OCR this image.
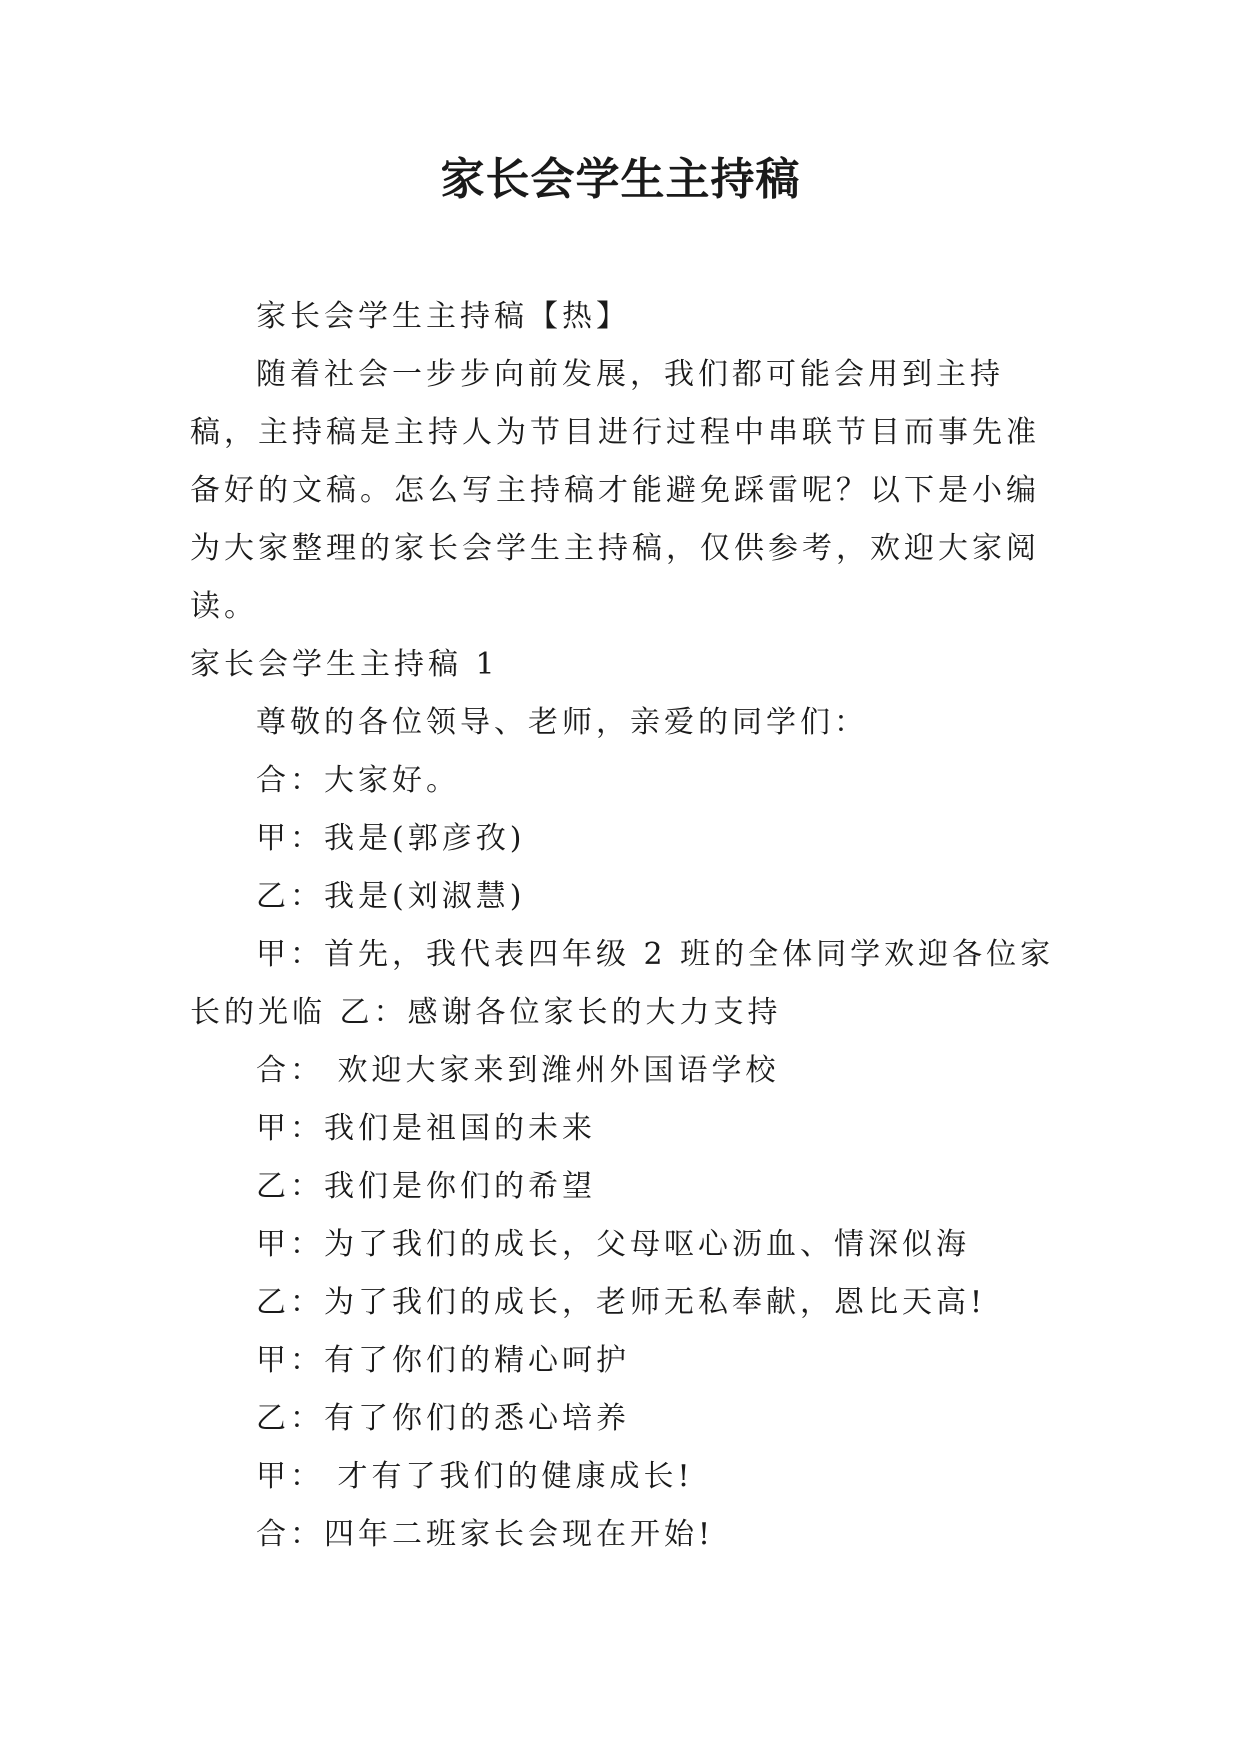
家长会学生主持稿

家长会学生主持稿【热】

随着社会一步步向前发展，我们都可能会用到主持稿，主持稿是主持人为节目进行过程中串联节目而事先准备好的文稿。怎么写主持稿才能避免踩雷呢？以下是小编为大家整理的家长会学生主持稿，仅供参考，欢迎大家阅读。

家长会学生主持稿 1

尊敬的各位领导、老师，亲爱的同学们：

合：大家好。

甲：我是(郭彦孜)

乙：我是(刘淑慧)

甲：首先，我代表四年级 2 班的全体同学欢迎各位家长的光临 乙：感谢各位家长的大力支持

合： 欢迎大家来到潍州外国语学校

甲：我们是祖国的未来

乙：我们是你们的希望

甲：为了我们的成长，父母呕心沥血、情深似海

乙：为了我们的成长，老师无私奉献，恩比天高!

甲：有了你们的精心呵护

乙：有了你们的悉心培养

甲： 才有了我们的健康成长!

合：四年二班家长会现在开始!
